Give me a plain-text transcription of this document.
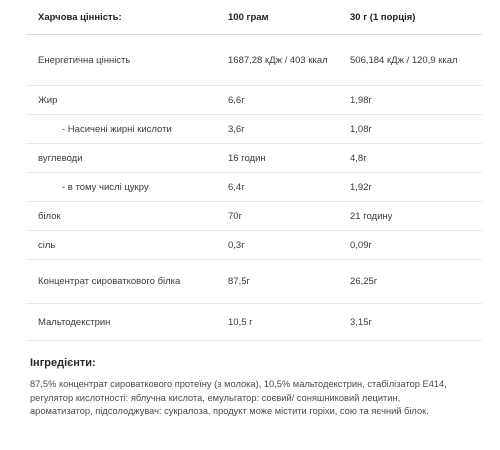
Харчова цінність:	100 грам	30 г (1 порція)
Енергетична цінність	1687,28 кДж / 403 ккал	506,184 кДж / 120,9 ккал
Жир	6,6г	1,98г
- Насичені жирні кислоти	3,6г	1,08г
вуглеводи	16 годин	4,8г
- в тому числі цукру	6,4г	1,92г
білок	70г	21 годину
сіль	0,3г	0,09г
Концентрат сироваткового білка	87,5г	26,25г
Мальтодекстрин	10,5 г	3,15г
Інгредієнти:
87,5% концентрат сироваткового протеїну (з молока), 10,5% мальтодекстрин, стабілізатор Е414, регулятор кислотності: яблучна кислота, емульгатор: соєвий/ соняшниковий лецитин, ароматизатор, підсолоджувач: сукралоза, продукт може містити горіхи, сою та яєчний білок.
